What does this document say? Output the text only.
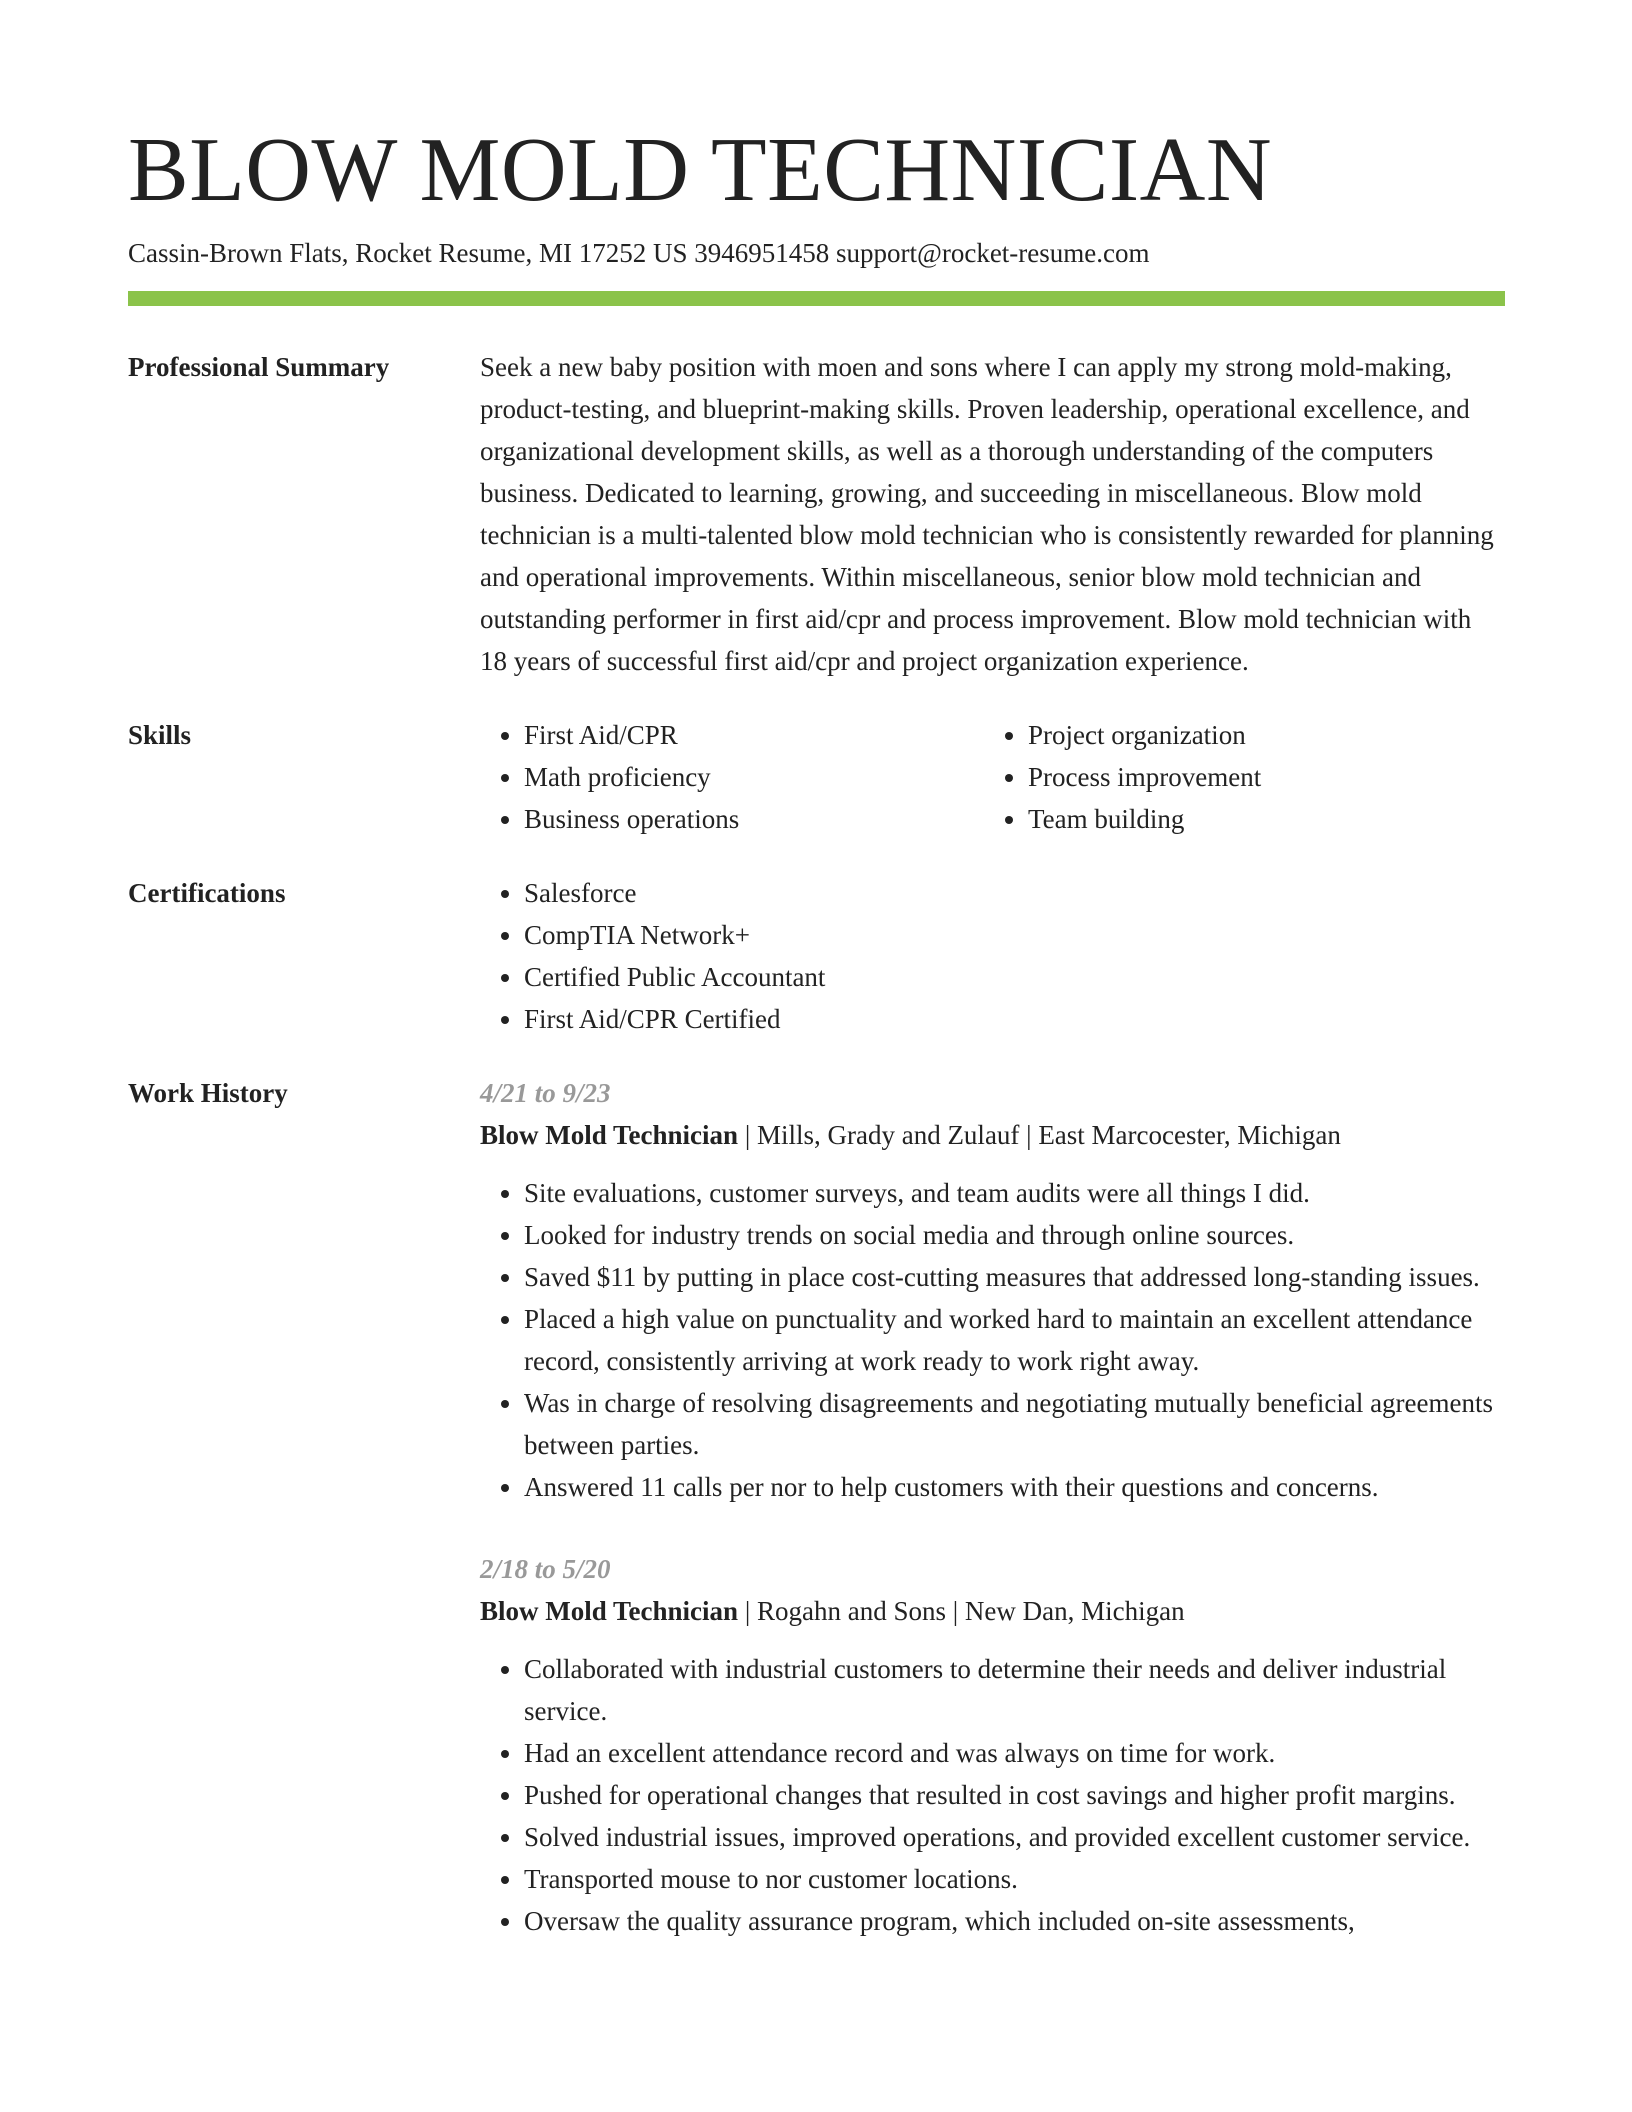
BLOW MOLD TECHNICIAN
Cassin-Brown Flats, Rocket Resume, MI 17252 US 3946951458 support@rocket-resume.com
Professional Summary	Seek a new baby position with moen and sons where I can apply my strong mold-making, product-testing, and blueprint-making skills. Proven leadership, operational excellence, and organizational development skills, as well as a thorough understanding of the computers business. Dedicated to learning, growing, and succeeding in miscellaneous. Blow mold technician is a multi-talented blow mold technician who is consistently rewarded for planning and operational improvements. Within miscellaneous, senior blow mold technician and outstanding performer in first aid/cpr and process improvement. Blow mold technician with 18 years of successful first aid/cpr and project organization experience.
Skills	• First Aid/CPR
• Math proficiency
• Business operations
• Project organization
• Process improvement
• Team building
Certifications	• Salesforce
• CompTIA Network+
• Certified Public Accountant
• First Aid/CPR Certified
Work History	4/21 to 9/23
Blow Mold Technician | Mills, Grady and Zulauf | East Marcocester, Michigan
• Site evaluations, customer surveys, and team audits were all things I did.
• Looked for industry trends on social media and through online sources.
• Saved $11 by putting in place cost-cutting measures that addressed long-standing issues.
• Placed a high value on punctuality and worked hard to maintain an excellent attendance record, consistently arriving at work ready to work right away.
• Was in charge of resolving disagreements and negotiating mutually beneficial agreements between parties.
• Answered 11 calls per nor to help customers with their questions and concerns.
2/18 to 5/20
Blow Mold Technician | Rogahn and Sons | New Dan, Michigan
• Collaborated with industrial customers to determine their needs and deliver industrial service.
• Had an excellent attendance record and was always on time for work.
• Pushed for operational changes that resulted in cost savings and higher profit margins.
• Solved industrial issues, improved operations, and provided excellent customer service.
• Transported mouse to nor customer locations.
• Oversaw the quality assurance program, which included on-site assessments,
